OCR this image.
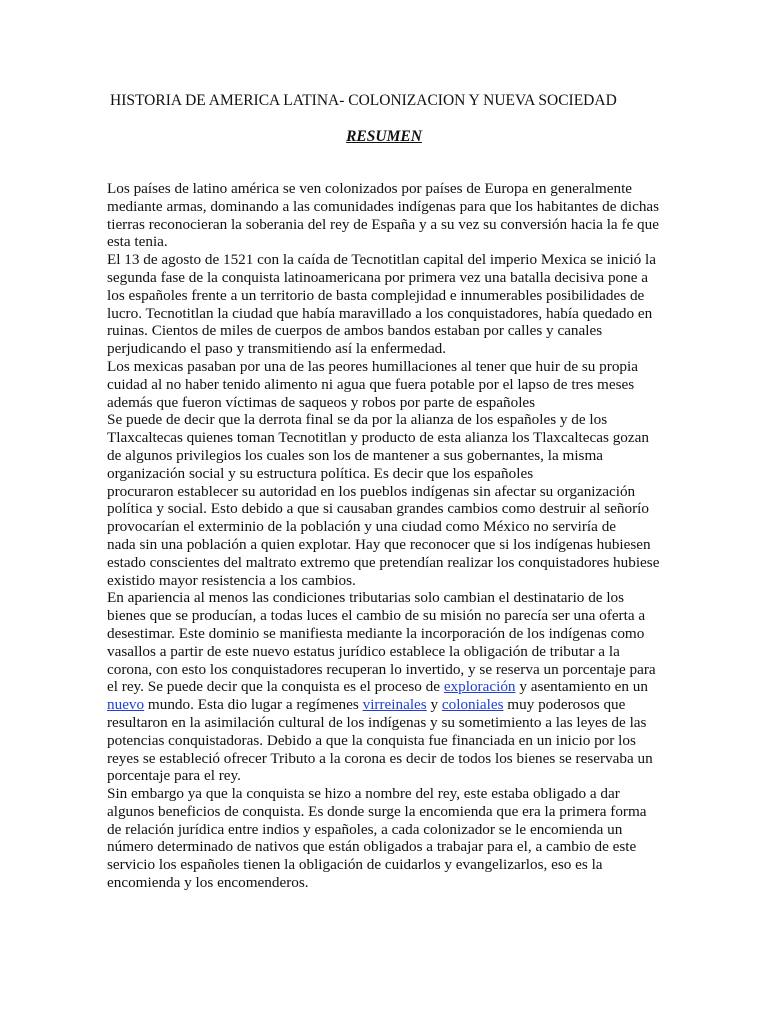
HISTORIA DE AMERICA LATINA- COLONIZACION Y NUEVA SOCIEDAD
RESUMEN
Los países de latino américa se ven colonizados por países de Europa en generalmente
mediante armas, dominando a las comunidades indígenas para que los habitantes de dichas
tierras reconocieran la soberania del rey de España y a su vez su conversión hacia la fe que
esta tenia.
El 13 de agosto de 1521 con la caída de Tecnotitlan capital del imperio Mexica se inició la
segunda fase de la conquista latinoamericana por primera vez una batalla decisiva pone a
los españoles frente a un territorio de basta complejidad e innumerables posibilidades de
lucro. Tecnotitlan la ciudad que había maravillado a los conquistadores, había quedado en
ruinas. Cientos de miles de cuerpos de ambos bandos estaban por calles y canales
perjudicando el paso y transmitiendo así la enfermedad.
Los mexicas pasaban por una de las peores humillaciones al tener que huir de su propia
cuidad al no haber tenido alimento ni agua que fuera potable por el lapso de tres meses
además que fueron víctimas de saqueos y robos por parte de españoles
Se puede de decir que la derrota final se da por la alianza de los españoles y de los
Tlaxcaltecas quienes toman Tecnotitlan y producto de esta alianza los Tlaxcaltecas gozan
de algunos privilegios los cuales son los de mantener a sus gobernantes, la misma
organización social y su estructura política. Es decir que los españoles
procuraron establecer su autoridad en los pueblos indígenas sin afectar su organización
política y social. Esto debido a que si causaban grandes cambios como destruir al señorío
provocarían el exterminio de la población y una ciudad como México no serviría de
nada sin una población a quien explotar. Hay que reconocer que si los indígenas hubiesen
estado conscientes del maltrato extremo que pretendían realizar los conquistadores hubiese
existido mayor resistencia a los cambios.
En apariencia al menos las condiciones tributarias solo cambian el destinatario de los
bienes que se producían, a todas luces el cambio de su misión no parecía ser una oferta a
desestimar. Este dominio se manifiesta mediante la incorporación de los indígenas como
vasallos a partir de este nuevo estatus jurídico establece la obligación de tributar a la
corona, con esto los conquistadores recuperan lo invertido, y se reserva un porcentaje para
el rey. Se puede decir que la conquista es el proceso de exploración y asentamiento en un
nuevo mundo. Esta dio lugar a regímenes virreinales y coloniales muy poderosos que
resultaron en la asimilación cultural de los indígenas y su sometimiento a las leyes de las
potencias conquistadoras. Debido a que la conquista fue financiada en un inicio por los
reyes se estableció ofrecer Tributo a la corona es decir de todos los bienes se reservaba un
porcentaje para el rey.
Sin embargo ya que la conquista se hizo a nombre del rey, este estaba obligado a dar
algunos beneficios de conquista. Es donde surge la encomienda que era la primera forma
de relación jurídica entre indios y españoles, a cada colonizador se le encomienda un
número determinado de nativos que están obligados a trabajar para el, a cambio de este
servicio los españoles tienen la obligación de cuidarlos y evangelizarlos, eso es la
encomienda y los encomenderos.
